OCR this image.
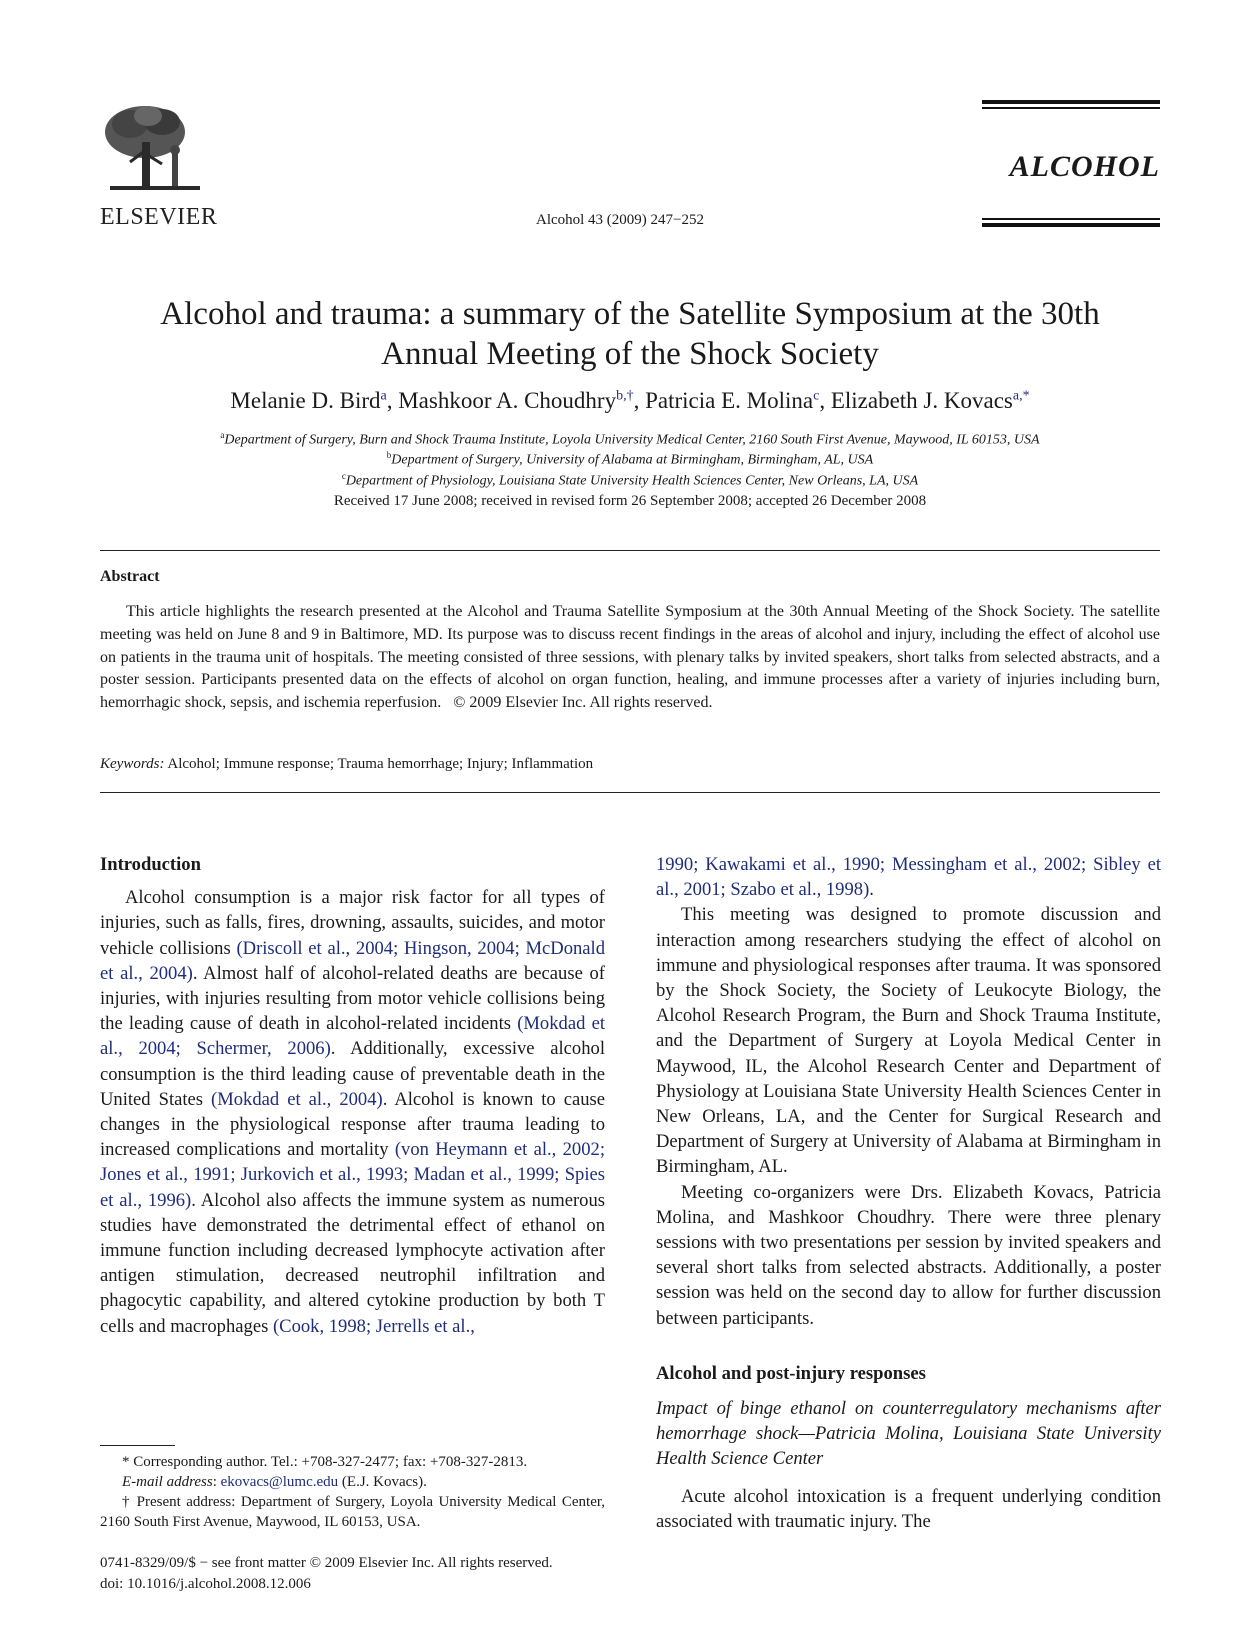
ELSEVIER	Alcohol 43 (2009) 247−252
ALCOHOL
Alcohol and trauma: a summary of the Satellite Symposium at the 30th
Annual Meeting of the Shock Society
Melanie D. Bird$^a$, Mashkoor A. Choudhry$^{b,\dagger}$, Patricia E. Molina$^c$, Elizabeth J. Kovacs$^{a,*}$
$^a$Department of Surgery, Burn and Shock Trauma Institute, Loyola University Medical Center, 2160 South First Avenue, Maywood, IL 60153, USA
$^b$Department of Surgery, University of Alabama at Birmingham, Birmingham, AL, USA
$^c$Department of Physiology, Louisiana State University Health Sciences Center, New Orleans, LA, USA
Received 17 June 2008; received in revised form 26 September 2008; accepted 26 December 2008
Abstract
This article highlights the research presented at the Alcohol and Trauma Satellite Symposium at the 30th Annual Meeting of the Shock Society. The satellite meeting was held on June 8 and 9 in Baltimore, MD. Its purpose was to discuss recent findings in the areas of alcohol and injury, including the effect of alcohol use on patients in the trauma unit of hospitals. The meeting consisted of three sessions, with plenary talks by invited speakers, short talks from selected abstracts, and a poster session. Participants presented data on the effects of alcohol on organ function, healing, and immune processes after a variety of injuries including burn, hemorrhagic shock, sepsis, and ischemia reperfusion. © 2009 Elsevier Inc. All rights reserved.
Keywords: Alcohol; Immune response; Trauma hemorrhage; Injury; Inflammation
Introduction

Alcohol consumption is a major risk factor for all types of injuries, such as falls, fires, drowning, assaults, suicides, and motor vehicle collisions (Driscoll et al., 2004; Hingson, 2004; McDonald et al., 2004). Almost half of alcohol-related deaths are because of injuries, with injuries resulting from motor vehicle collisions being the leading cause of death in alcohol-related incidents (Mokdad et al., 2004; Schermer, 2006). Additionally, excessive alcohol consumption is the third leading cause of preventable death in the United States (Mokdad et al., 2004). Alcohol is known to cause changes in the physiological response after trauma leading to increased complications and mortality (von Heymann et al., 2002; Jones et al., 1991; Jurkovich et al., 1993; Madan et al., 1999; Spies et al., 1996). Alcohol also affects the immune system as numerous studies have demonstrated the detrimental effect of ethanol on immune function including decreased lymphocyte activation after antigen stimulation, decreased neutrophil infiltration and phagocytic capability, and altered cytokine production by both T cells and macrophages (Cook, 1998; Jerrells et al.,

1990; Kawakami et al., 1990; Messingham et al., 2002; Sibley et al., 2001; Szabo et al., 1998).

This meeting was designed to promote discussion and interaction among researchers studying the effect of alcohol on immune and physiological responses after trauma. It was sponsored by the Shock Society, the Society of Leukocyte Biology, the Alcohol Research Program, the Burn and Shock Trauma Institute, and the Department of Surgery at Loyola Medical Center in Maywood, IL, the Alcohol Research Center and Department of Physiology at Louisiana State University Health Sciences Center in New Orleans, LA, and the Center for Surgical Research and Department of Surgery at University of Alabama at Birmingham in Birmingham, AL.

Meeting co-organizers were Drs. Elizabeth Kovacs, Patricia Molina, and Mashkoor Choudhry. There were three plenary sessions with two presentations per session by invited speakers and several short talks from selected abstracts. Additionally, a poster session was held on the second day to allow for further discussion between participants.

Alcohol and post-injury responses
Impact of binge ethanol on counterregulatory mechanisms after hemorrhage shock—Patricia Molina, Louisiana State University Health Science Center

Acute alcohol intoxication is a frequent underlying condition associated with traumatic injury. The

* Corresponding author. Tel.: +708-327-2477; fax: +708-327-2813.

E-mail address: ekovacs@lumc.edu (E.J. Kovacs).

† Present address: Department of Surgery, Loyola University Medical Center, 2160 South First Avenue, Maywood, IL 60153, USA.

0741-8329/09/$ − see front matter © 2009 Elsevier Inc. All rights reserved.
doi: 10.1016/j.alcohol.2008.12.006
